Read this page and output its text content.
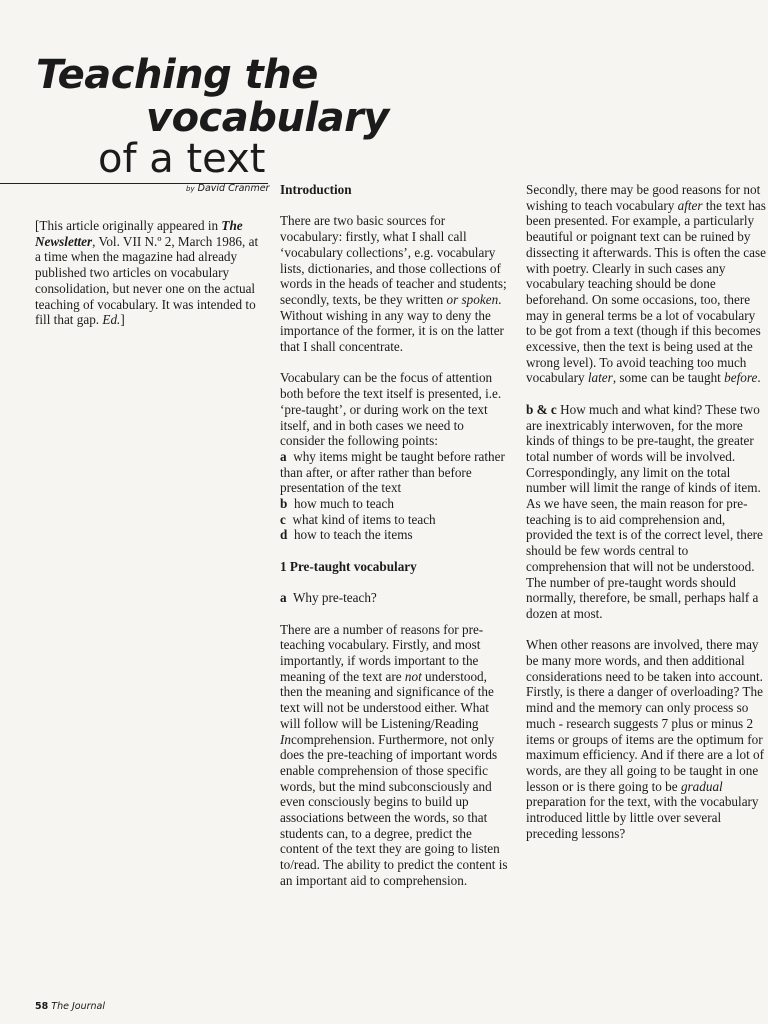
Teaching the
vocabulary
of a text
by David Cranmer

[This article originally appeared in The Newsletter, Vol. VII N.º 2, March 1986, at a time when the magazine had already published two articles on vocabulary consolidation, but never one on the actual teaching of vocabulary. It was intended to fill that gap. Ed.]

Introduction

There are two basic sources for vocabulary: firstly, what I shall call ‘vocabulary collections’, e.g. vocabulary lists, dictionaries, and those collections of words in the heads of teacher and students; secondly, texts, be they written or spoken. Without wishing in any way to deny the importance of the former, it is on the latter that I shall concentrate.

Vocabulary can be the focus of attention both before the text itself is presented, i.e. ‘pre-taught’, or during work on the text itself, and in both cases we need to consider the following points:

a why items might be taught before rather than after, or after rather than before presentation of the text
b how much to teach
c what kind of items to teach
d how to teach the items

1 Pre-taught vocabulary

a Why pre-teach?

There are a number of reasons for pre-teaching vocabulary. Firstly, and most importantly, if words important to the meaning of the text are not understood, then the meaning and significance of the text will not be understood either. What will follow will be Listening/Reading Incomprehension. Furthermore, not only does the pre-teaching of important words enable comprehension of those specific words, but the mind subconsciously and even consciously begins to build up associations between the words, so that students can, to a degree, predict the content of the text they are going to listen to/read. The ability to predict the content is an important aid to comprehension.

Secondly, there may be good reasons for not wishing to teach vocabulary after the text has been presented. For example, a particularly beautiful or poignant text can be ruined by dissecting it afterwards. This is often the case with poetry. Clearly in such cases any vocabulary teaching should be done beforehand. On some occasions, too, there may in general terms be a lot of vocabulary to be got from a text (though if this becomes excessive, then the text is being used at the wrong level). To avoid teaching too much vocabulary later, some can be taught before.

b & c How much and what kind? These two are inextricably interwoven, for the more kinds of things to be pre-taught, the greater total number of words will be involved. Correspondingly, any limit on the total number will limit the range of kinds of item. As we have seen, the main reason for pre-teaching is to aid comprehension and, provided the text is of the correct level, there should be few words central to comprehension that will not be understood. The number of pre-taught words should normally, therefore, be small, perhaps half a dozen at most.

When other reasons are involved, there may be many more words, and then additional considerations need to be taken into account. Firstly, is there a danger of overloading? The mind and the memory can only process so much - research suggests 7 plus or minus 2 items or groups of items are the optimum for maximum efficiency. And if there are a lot of words, are they all going to be taught in one lesson or is there going to be gradual preparation for the text, with the vocabulary introduced little by little over several preceding lessons?

58 The Journal
